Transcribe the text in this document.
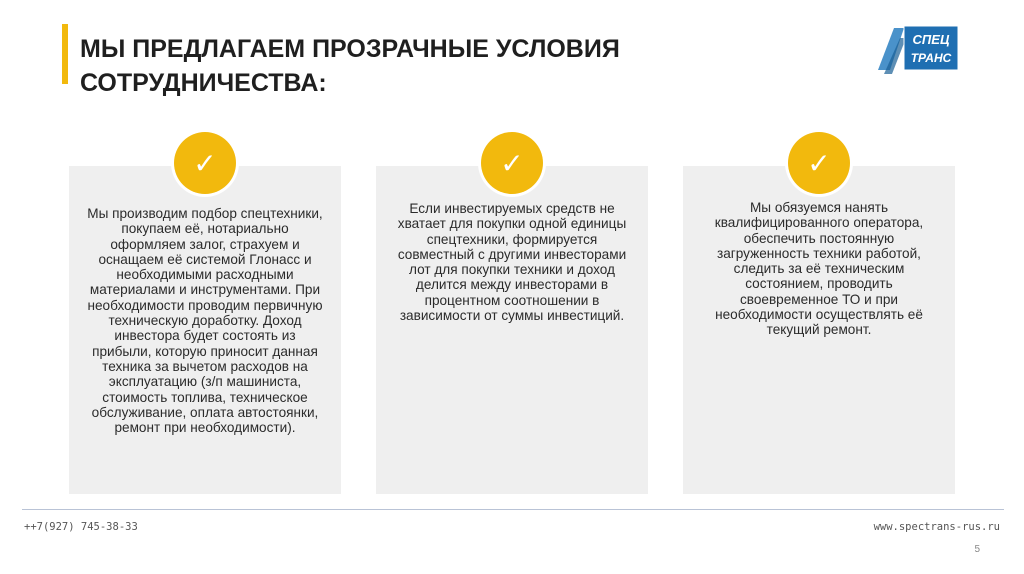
МЫ ПРЕДЛАГАЕМ ПРОЗРАЧНЫЕ УСЛОВИЯ
СОТРУДНИЧЕСТВА:
СПЕЦ
ТРАНС

Мы производим подбор спецтехники, покупаем её, нотариально оформляем залог, страхуем и оснащаем её системой Глонасс и необходимыми расходными материалами и инструментами. При необходимости проводим первичную техническую доработку. Доход инвестора будет состоять из прибыли, которую приносит данная техника за вычетом расходов на эксплуатацию (з/п машиниста, стоимость топлива, техническое обслуживание, оплата автостоянки, ремонт при необходимости).

Если инвестируемых средств не хватает для покупки одной единицы спецтехники, формируется совместный с другими инвесторами лот для покупки техники и доход делится между инвесторами в процентном соотношении в зависимости от суммы инвестиций.

Мы обязуемся нанять квалифицированного оператора, обеспечить постоянную загруженность техники работой, следить за её техническим состоянием, проводить своевременное ТО и при необходимости осуществлять её текущий ремонт.

✓	✓	✓
++7(927) 745-38-33	www.spectrans-rus.ru
5
